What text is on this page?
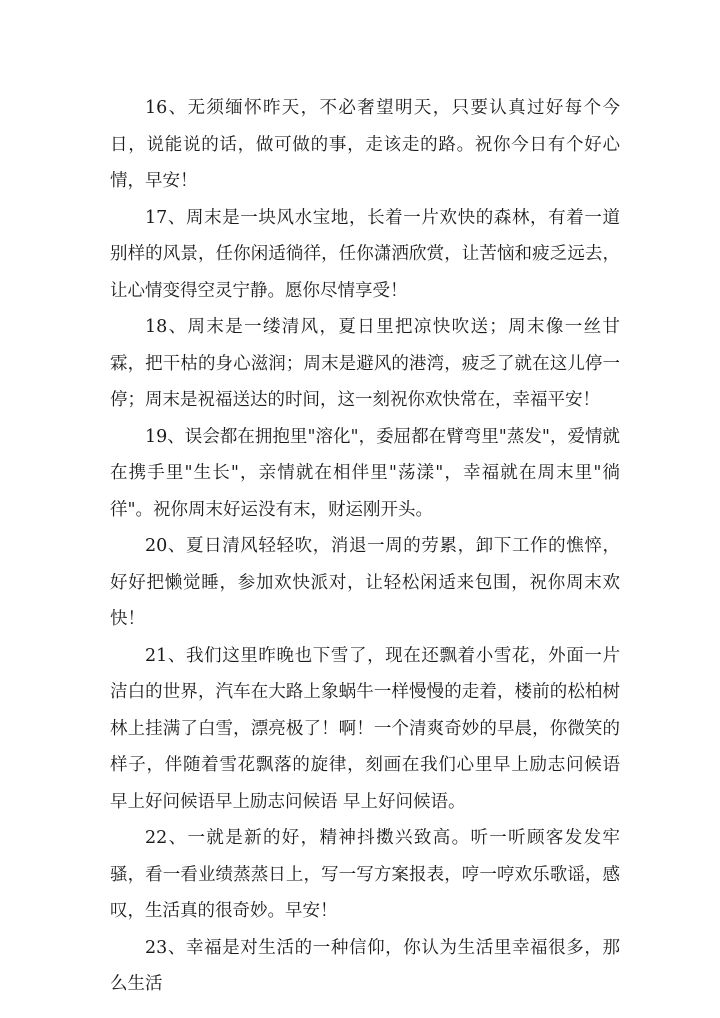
16、无须缅怀昨天，不必奢望明天，只要认真过好每个今日，说能说的话，做可做的事，走该走的路。祝你今日有个好心情，早安！

17、周末是一块风水宝地，长着一片欢快的森林，有着一道别样的风景，任你闲适徜徉，任你潇洒欣赏，让苦恼和疲乏远去，让心情变得空灵宁静。愿你尽情享受！

18、周末是一缕清风，夏日里把凉快吹送；周末像一丝甘霖，把干枯的身心滋润；周末是避风的港湾，疲乏了就在这儿停一停；周末是祝福送达的时间，这一刻祝你欢快常在，幸福平安！

19、误会都在拥抱里"溶化"，委屈都在臂弯里"蒸发"，爱情就在携手里"生长"，亲情就在相伴里"荡漾"，幸福就在周末里"徜徉"。祝你周末好运没有末，财运刚开头。

20、夏日清风轻轻吹，消退一周的劳累，卸下工作的憔悴，好好把懒觉睡，参加欢快派对，让轻松闲适来包围，祝你周末欢快！

21、我们这里昨晚也下雪了，现在还飘着小雪花，外面一片洁白的世界，汽车在大路上象蜗牛一样慢慢的走着，楼前的松柏树林上挂满了白雪，漂亮极了！啊！一个清爽奇妙的早晨，你微笑的样子，伴随着雪花飘落的旋律，刻画在我们心里早上励志问候语 早上好问候语早上励志问候语 早上好问候语。

22、一就是新的好，精神抖擞兴致高。听一听顾客发发牢骚，看一看业绩蒸蒸日上，写一写方案报表，哼一哼欢乐歌谣，感叹，生活真的很奇妙。早安！

23、幸福是对生活的一种信仰，你认为生活里幸福很多，那么生活
